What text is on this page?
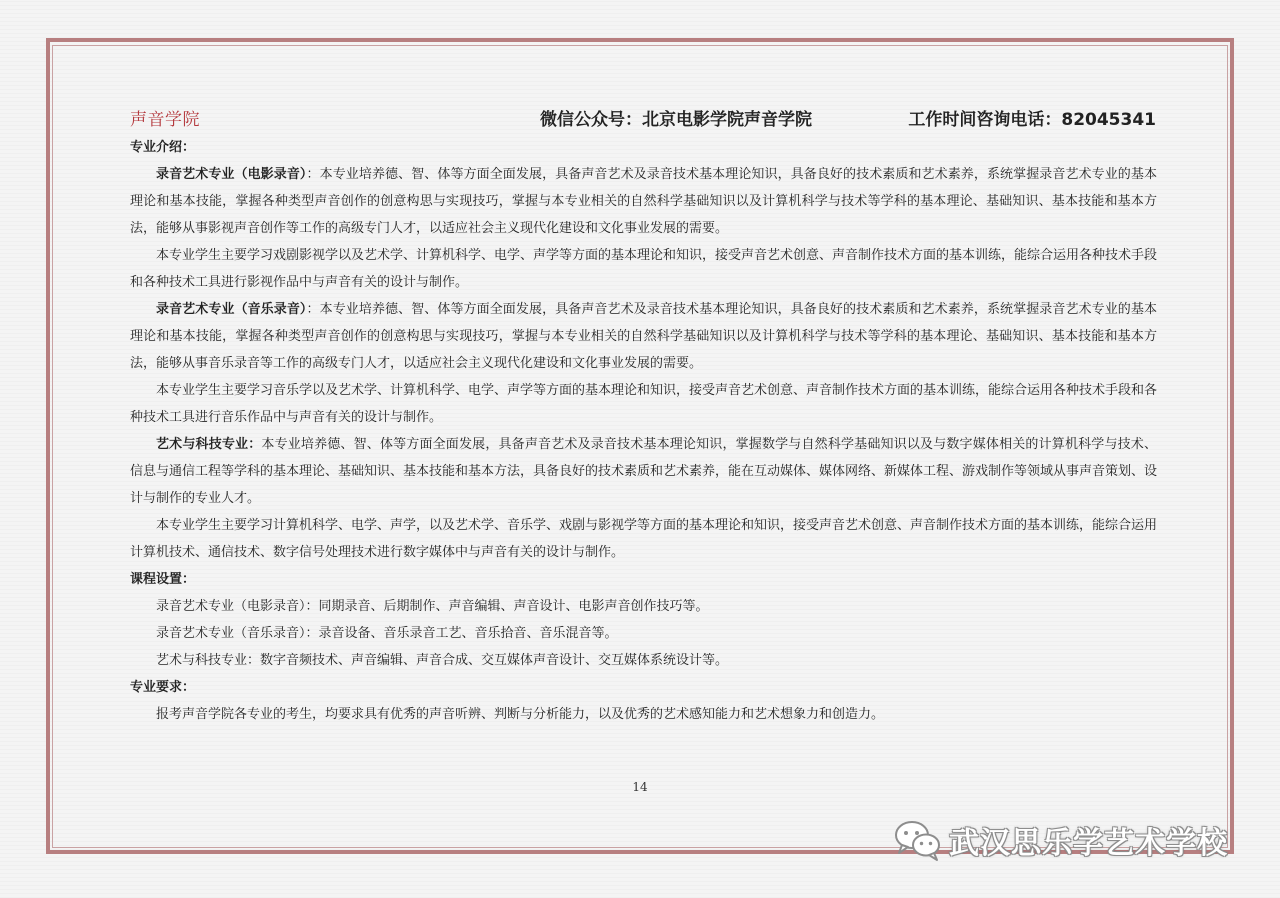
声音学院	微信公众号：北京电影学院声音学院	工作时间咨询电话：82045341

专业介绍：

录音艺术专业（电影录音）：本专业培养德、智、体等方面全面发展，具备声音艺术及录音技术基本理论知识，具备良好的技术素质和艺术素养，系统掌握录音艺术专业的基本理论和基本技能，掌握各种类型声音创作的创意构思与实现技巧，掌握与本专业相关的自然科学基础知识以及计算机科学与技术等学科的基本理论、基础知识、基本技能和基本方法，能够从事影视声音创作等工作的高级专门人才，以适应社会主义现代化建设和文化事业发展的需要。

本专业学生主要学习戏剧影视学以及艺术学、计算机科学、电学、声学等方面的基本理论和知识，接受声音艺术创意、声音制作技术方面的基本训练，能综合运用各种技术手段和各种技术工具进行影视作品中与声音有关的设计与制作。

录音艺术专业（音乐录音）：本专业培养德、智、体等方面全面发展，具备声音艺术及录音技术基本理论知识，具备良好的技术素质和艺术素养，系统掌握录音艺术专业的基本理论和基本技能，掌握各种类型声音创作的创意构思与实现技巧，掌握与本专业相关的自然科学基础知识以及计算机科学与技术等学科的基本理论、基础知识、基本技能和基本方法，能够从事音乐录音等工作的高级专门人才，以适应社会主义现代化建设和文化事业发展的需要。

本专业学生主要学习音乐学以及艺术学、计算机科学、电学、声学等方面的基本理论和知识，接受声音艺术创意、声音制作技术方面的基本训练，能综合运用各种技术手段和各种技术工具进行音乐作品中与声音有关的设计与制作。

艺术与科技专业：本专业培养德、智、体等方面全面发展，具备声音艺术及录音技术基本理论知识，掌握数学与自然科学基础知识以及与数字媒体相关的计算机科学与技术、信息与通信工程等学科的基本理论、基础知识、基本技能和基本方法，具备良好的技术素质和艺术素养，能在互动媒体、媒体网络、新媒体工程、游戏制作等领域从事声音策划、设计与制作的专业人才。

本专业学生主要学习计算机科学、电学、声学，以及艺术学、音乐学、戏剧与影视学等方面的基本理论和知识，接受声音艺术创意、声音制作技术方面的基本训练，能综合运用计算机技术、通信技术、数字信号处理技术进行数字媒体中与声音有关的设计与制作。

课程设置：

录音艺术专业（电影录音）：同期录音、后期制作、声音编辑、声音设计、电影声音创作技巧等。

录音艺术专业（音乐录音）：录音设备、音乐录音工艺、音乐拾音、音乐混音等。

艺术与科技专业：数字音频技术、声音编辑、声音合成、交互媒体声音设计、交互媒体系统设计等。

专业要求：

报考声音学院各专业的考生，均要求具有优秀的声音听辨、判断与分析能力，以及优秀的艺术感知能力和艺术想象力和创造力。

14
武汉思乐学艺术学校
